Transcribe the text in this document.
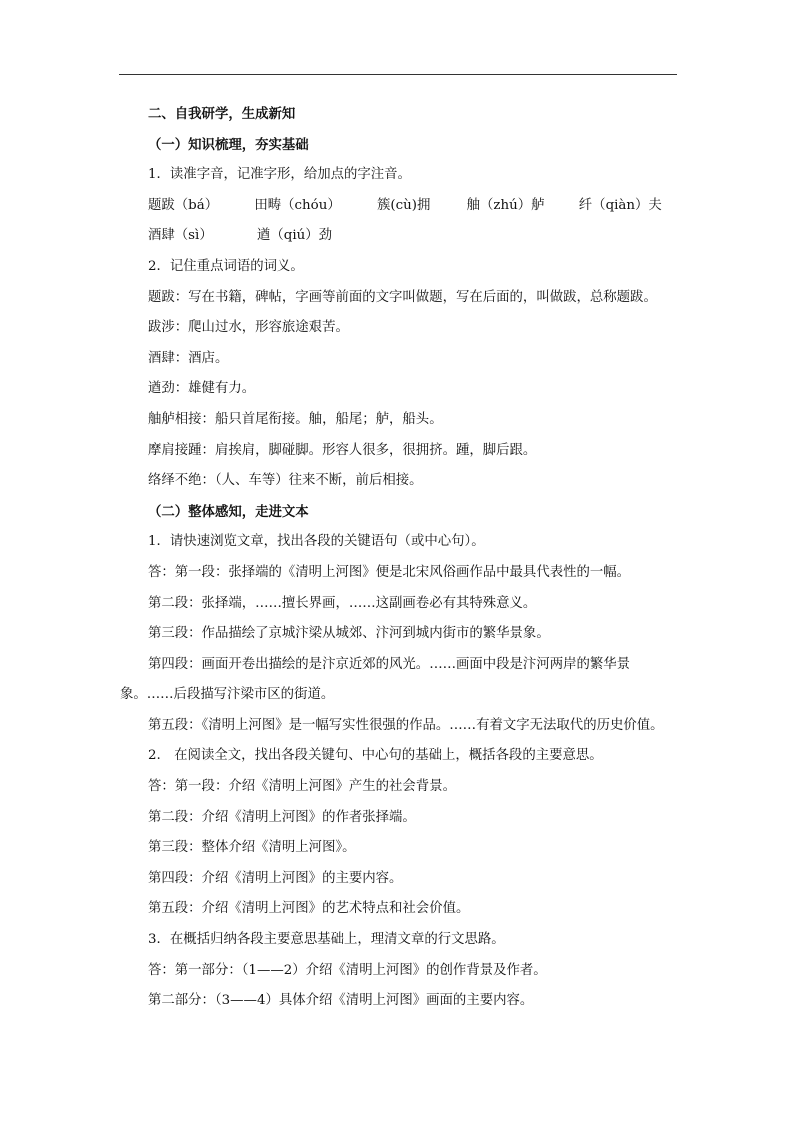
二、自我研学，生成新知
（一）知识梳理，夯实基础
1．读准字音，记准字形，给加点的字注音。
题跋（bá）	田畴（chóu）	簇(cù)拥	舳（zhú）舻	纤（qiàn）夫
酒肆（sì）	遒（qiú）劲
2．记住重点词语的词义。
题跋：写在书籍，碑帖，字画等前面的文字叫做题，写在后面的，叫做跋，总称题跋。
跋涉：爬山过水，形容旅途艰苦。
酒肆：酒店。
遒劲：雄健有力。
舳舻相接：船只首尾衔接。舳，船尾；舻，船头。
摩肩接踵：肩挨肩，脚碰脚。形容人很多，很拥挤。踵，脚后跟。
络绎不绝：（人、车等）往来不断，前后相接。
（二）整体感知，走进文本
1．请快速浏览文章，找出各段的关键语句（或中心句）。
答：第一段：张择端的《清明上河图》便是北宋风俗画作品中最具代表性的一幅。
第二段：张择端，……擅长界画，……这副画卷必有其特殊意义。
第三段：作品描绘了京城汴梁从城郊、汴河到城内街市的繁华景象。
第四段：画面开卷出描绘的是汴京近郊的风光。……画面中段是汴河两岸的繁华景
象。……后段描写汴梁市区的街道。
第五段：《清明上河图》是一幅写实性很强的作品。……有着文字无法取代的历史价值。
2.　在阅读全文，找出各段关键句、中心句的基础上，概括各段的主要意思。
答：第一段：介绍《清明上河图》产生的社会背景。
第二段：介绍《清明上河图》的作者张择端。
第三段：整体介绍《清明上河图》。
第四段：介绍《清明上河图》的主要内容。
第五段：介绍《清明上河图》的艺术特点和社会价值。
3．在概括归纳各段主要意思基础上，理清文章的行文思路。
答：第一部分：（1——2）介绍《清明上河图》的创作背景及作者。
第二部分：（3——4）具体介绍《清明上河图》画面的主要内容。
